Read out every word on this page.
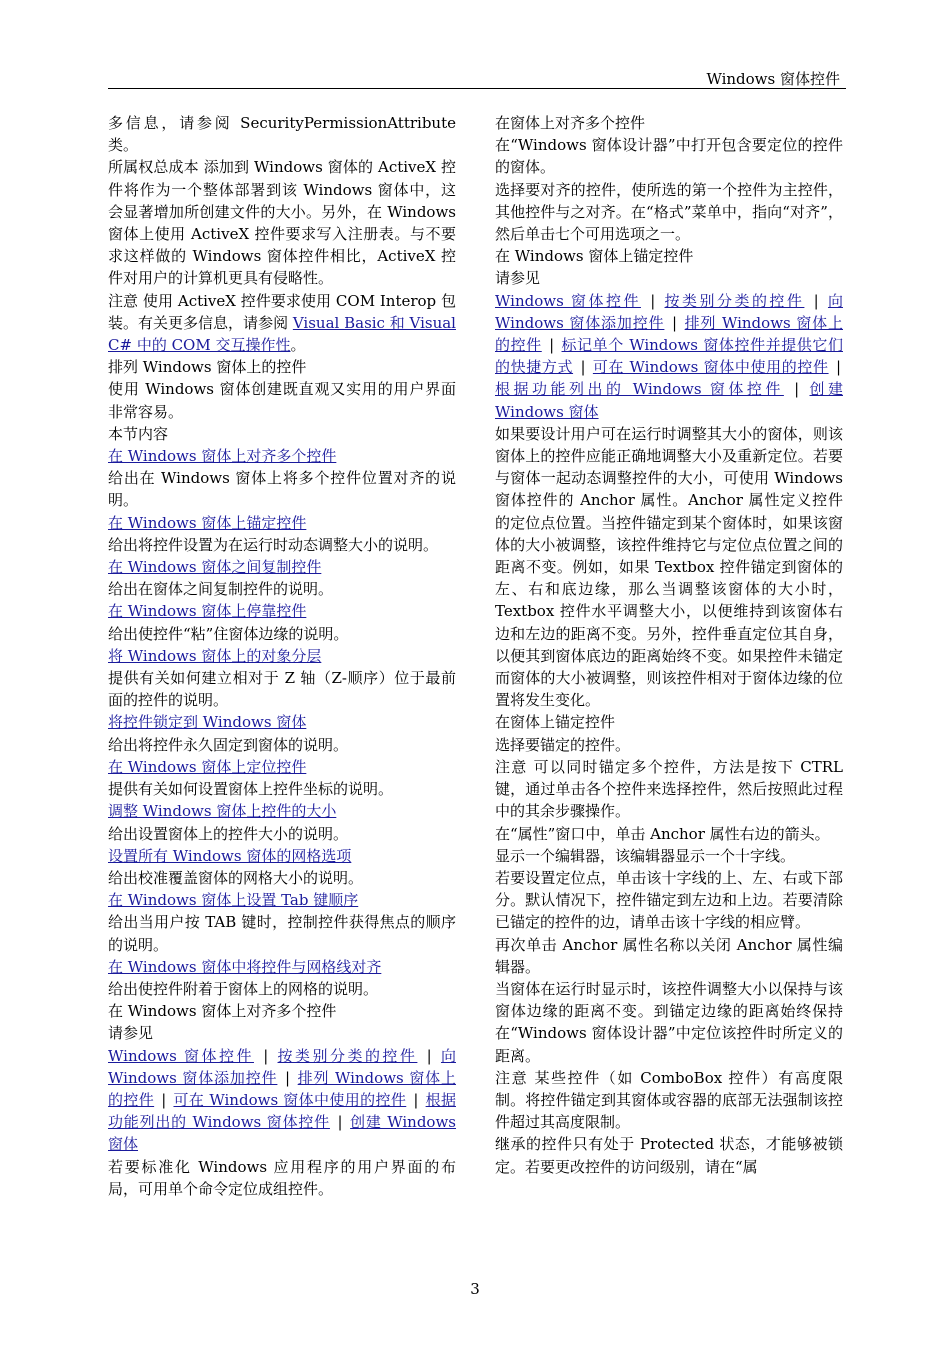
Windows 窗体控件

多信息，请参阅 SecurityPermissionAttribute 类。

所属权总成本 添加到 Windows 窗体的 ActiveX 控件将作为一个整体部署到该 Windows 窗体中，这会显著增加所创建文件的大小。另外，在 Windows 窗体上使用 ActiveX 控件要求写入注册表。与不要求这样做的 Windows 窗体控件相比，ActiveX 控件对用户的计算机更具有侵略性。

注意 使用 ActiveX 控件要求使用 COM Interop 包装。有关更多信息，请参阅 Visual Basic 和 Visual C# 中的 COM 交互操作性。

排列 Windows 窗体上的控件

使用 Windows 窗体创建既直观又实用的用户界面非常容易。

本节内容

在 Windows 窗体上对齐多个控件

给出在 Windows 窗体上将多个控件位置对齐的说明。

在 Windows 窗体上锚定控件

给出将控件设置为在运行时动态调整大小的说明。

在 Windows 窗体之间复制控件

给出在窗体之间复制控件的说明。

在 Windows 窗体上停靠控件

给出使控件“粘”住窗体边缘的说明。

将 Windows 窗体上的对象分层

提供有关如何建立相对于 Z 轴（Z-顺序）位于最前面的控件的说明。

将控件锁定到 Windows 窗体

给出将控件永久固定到窗体的说明。

在 Windows 窗体上定位控件

提供有关如何设置窗体上控件坐标的说明。

调整 Windows 窗体上控件的大小

给出设置窗体上的控件大小的说明。

设置所有 Windows 窗体的网格选项

给出校准覆盖窗体的网格大小的说明。

在 Windows 窗体上设置 Tab 键顺序

给出当用户按 TAB 键时，控制控件获得焦点的顺序的说明。

在 Windows 窗体中将控件与网格线对齐

给出使控件附着于窗体上的网格的说明。

在 Windows 窗体上对齐多个控件

请参见

Windows 窗体控件 | 按类别分类的控件 | 向 Windows 窗体添加控件 | 排列 Windows 窗体上的控件 | 可在 Windows 窗体中使用的控件 | 根据功能列出的 Windows 窗体控件 | 创建 Windows 窗体

若要标准化 Windows 应用程序的用户界面的布局，可用单个命令定位成组控件。

在窗体上对齐多个控件

在“Windows 窗体设计器”中打开包含要定位的控件的窗体。

选择要对齐的控件，使所选的第一个控件为主控件，其他控件与之对齐。在“格式”菜单中，指向“对齐”，然后单击七个可用选项之一。

在 Windows 窗体上锚定控件

请参见

Windows 窗体控件 | 按类别分类的控件 | 向 Windows 窗体添加控件 | 排列 Windows 窗体上的控件 | 标记单个 Windows 窗体控件并提供它们的快捷方式 | 可在 Windows 窗体中使用的控件 | 根据功能列出的 Windows 窗体控件 | 创建 Windows 窗体

如果要设计用户可在运行时调整其大小的窗体，则该窗体上的控件应能正确地调整大小及重新定位。若要与窗体一起动态调整控件的大小，可使用 Windows 窗体控件的 Anchor 属性。Anchor 属性定义控件的定位点位置。当控件锚定到某个窗体时，如果该窗体的大小被调整，该控件维持它与定位点位置之间的距离不变。例如，如果 Textbox 控件锚定到窗体的左、右和底边缘，那么当调整该窗体的大小时，Textbox 控件水平调整大小，以便维持到该窗体右边和左边的距离不变。另外，控件垂直定位其自身，以便其到窗体底边的距离始终不变。如果控件未锚定而窗体的大小被调整，则该控件相对于窗体边缘的位置将发生变化。

在窗体上锚定控件

选择要锚定的控件。

注意 可以同时锚定多个控件，方法是按下 CTRL 键，通过单击各个控件来选择控件，然后按照此过程中的其余步骤操作。

在“属性”窗口中，单击 Anchor 属性右边的箭头。

显示一个编辑器，该编辑器显示一个十字线。

若要设置定位点，单击该十字线的上、左、右或下部分。默认情况下，控件锚定到左边和上边。若要清除已锚定的控件的边，请单击该十字线的相应臂。

再次单击 Anchor 属性名称以关闭 Anchor 属性编辑器。

当窗体在运行时显示时，该控件调整大小以保持与该窗体边缘的距离不变。到锚定边缘的距离始终保持在“Windows 窗体设计器”中定位该控件时所定义的距离。

注意 某些控件（如 ComboBox 控件）有高度限制。将控件锚定到其窗体或容器的底部无法强制该控件超过其高度限制。

继承的控件只有处于 Protected 状态，才能够被锁定。若要更改控件的访问级别，请在“属

3
